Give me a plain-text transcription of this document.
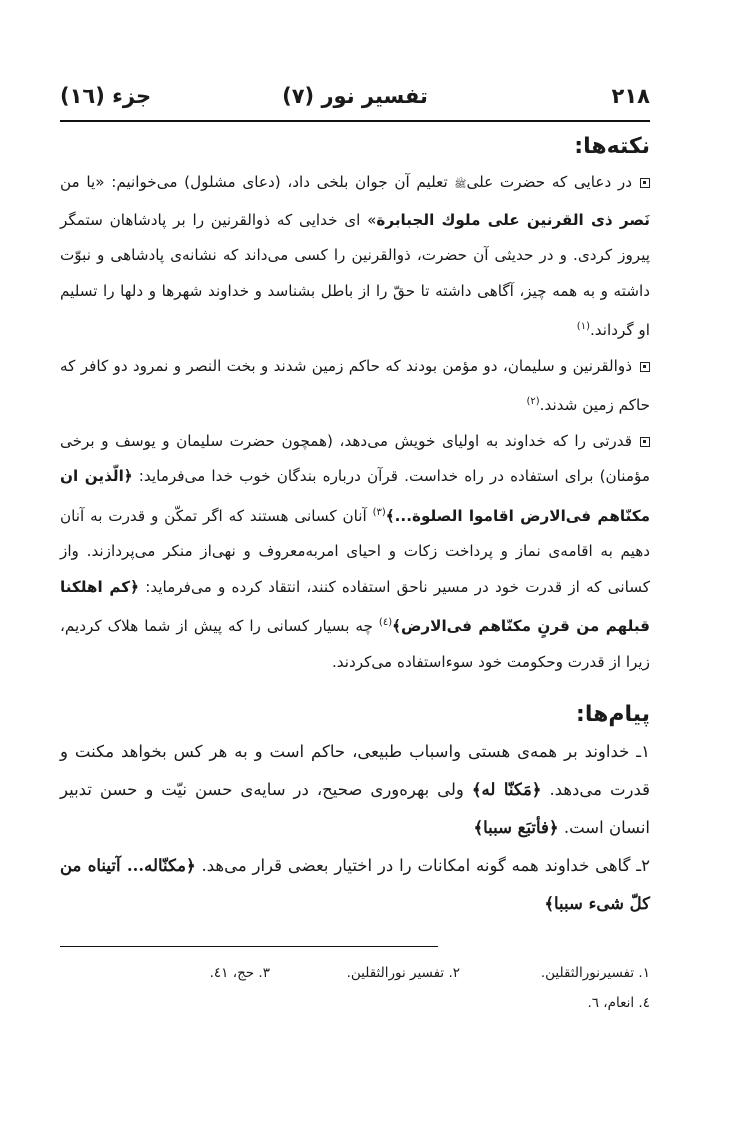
۲۱۸
تفسیر نور (۷)
جزء (١٦)
نکته‌ها:

در دعایی که حضرت علیﷺ تعلیم آن جوان بلخی داد، (دعای مشلول) می‌خوانیم: «یا من نَصر ذی القرنین علی ملوك الجبابرة» ای خدایی که ذوالقرنین را بر پادشاهان ستمگر پیروز کردی. و در حدیثی آن حضرت، ذوالقرنین را کسی می‌داند که نشانه‌ی پادشاهی و نبوّت داشته و به همه چیز، آگاهی داشته تا حقّ را از باطل بشناسد و خداوند شهرها و دلها را تسلیم او گرداند.$^{(۱)}$

ذوالقرنین و سلیمان، دو مؤمن بودند که حاکم زمین شدند و بخت النصر و نمرود دو کافر که حاکم زمین شدند.$^{(۲)}$

قدرتی را که خداوند به اولیای خویش می‌دهد، (همچون حضرت سلیمان و یوسف و برخی مؤمنان) برای استفاده در راه خداست. قرآن درباره بندگان خوب خدا می‌فرماید: ﴿الّذین ان مکنّاهم فی‌الارض اقاموا الصلوة...﴾$^{(۳)}$ آنان کسانی هستند که اگر تمکّن و قدرت به آنان دهیم به اقامه‌ی نماز و پرداخت زکات و احیای امربه‌معروف و نهی‌از منکر می‌پردازند. واز کسانی که از قدرت خود در مسیر ناحق استفاده کنند، انتقاد کرده و می‌فرماید: ﴿کم اهلکنا قبلهم من قرنٍ مکنّاهم فی‌الارض﴾$^{(٤)}$ چه بسیار کسانی را که پیش از شما هلاک کردیم، زیرا از قدرت وحکومت خود سوءاستفاده می‌کردند.

پیام‌ها:

۱ـ خداوند بر همه‌ی هستی واسباب طبیعی، حاکم است و به هر کس بخواهد مکنت و قدرت می‌دهد. ﴿مَکنّا له﴾ ولی بهره‌وری صحیح، در سایه‌ی حسن نیّت و حسن تدبیر انسان است. ﴿فأتبَع سببا﴾

۲ـ گاهی خداوند همه گونه امکانات را در اختیار بعضی قرار می‌هد. ﴿مکنّاله... آتیناه من کلّ شیء سببا﴾

۱. تفسیرنورالثقلین.
۲. تفسیر نورالثقلین.
۳. حج، ٤١.
٤. انعام، ٦.
